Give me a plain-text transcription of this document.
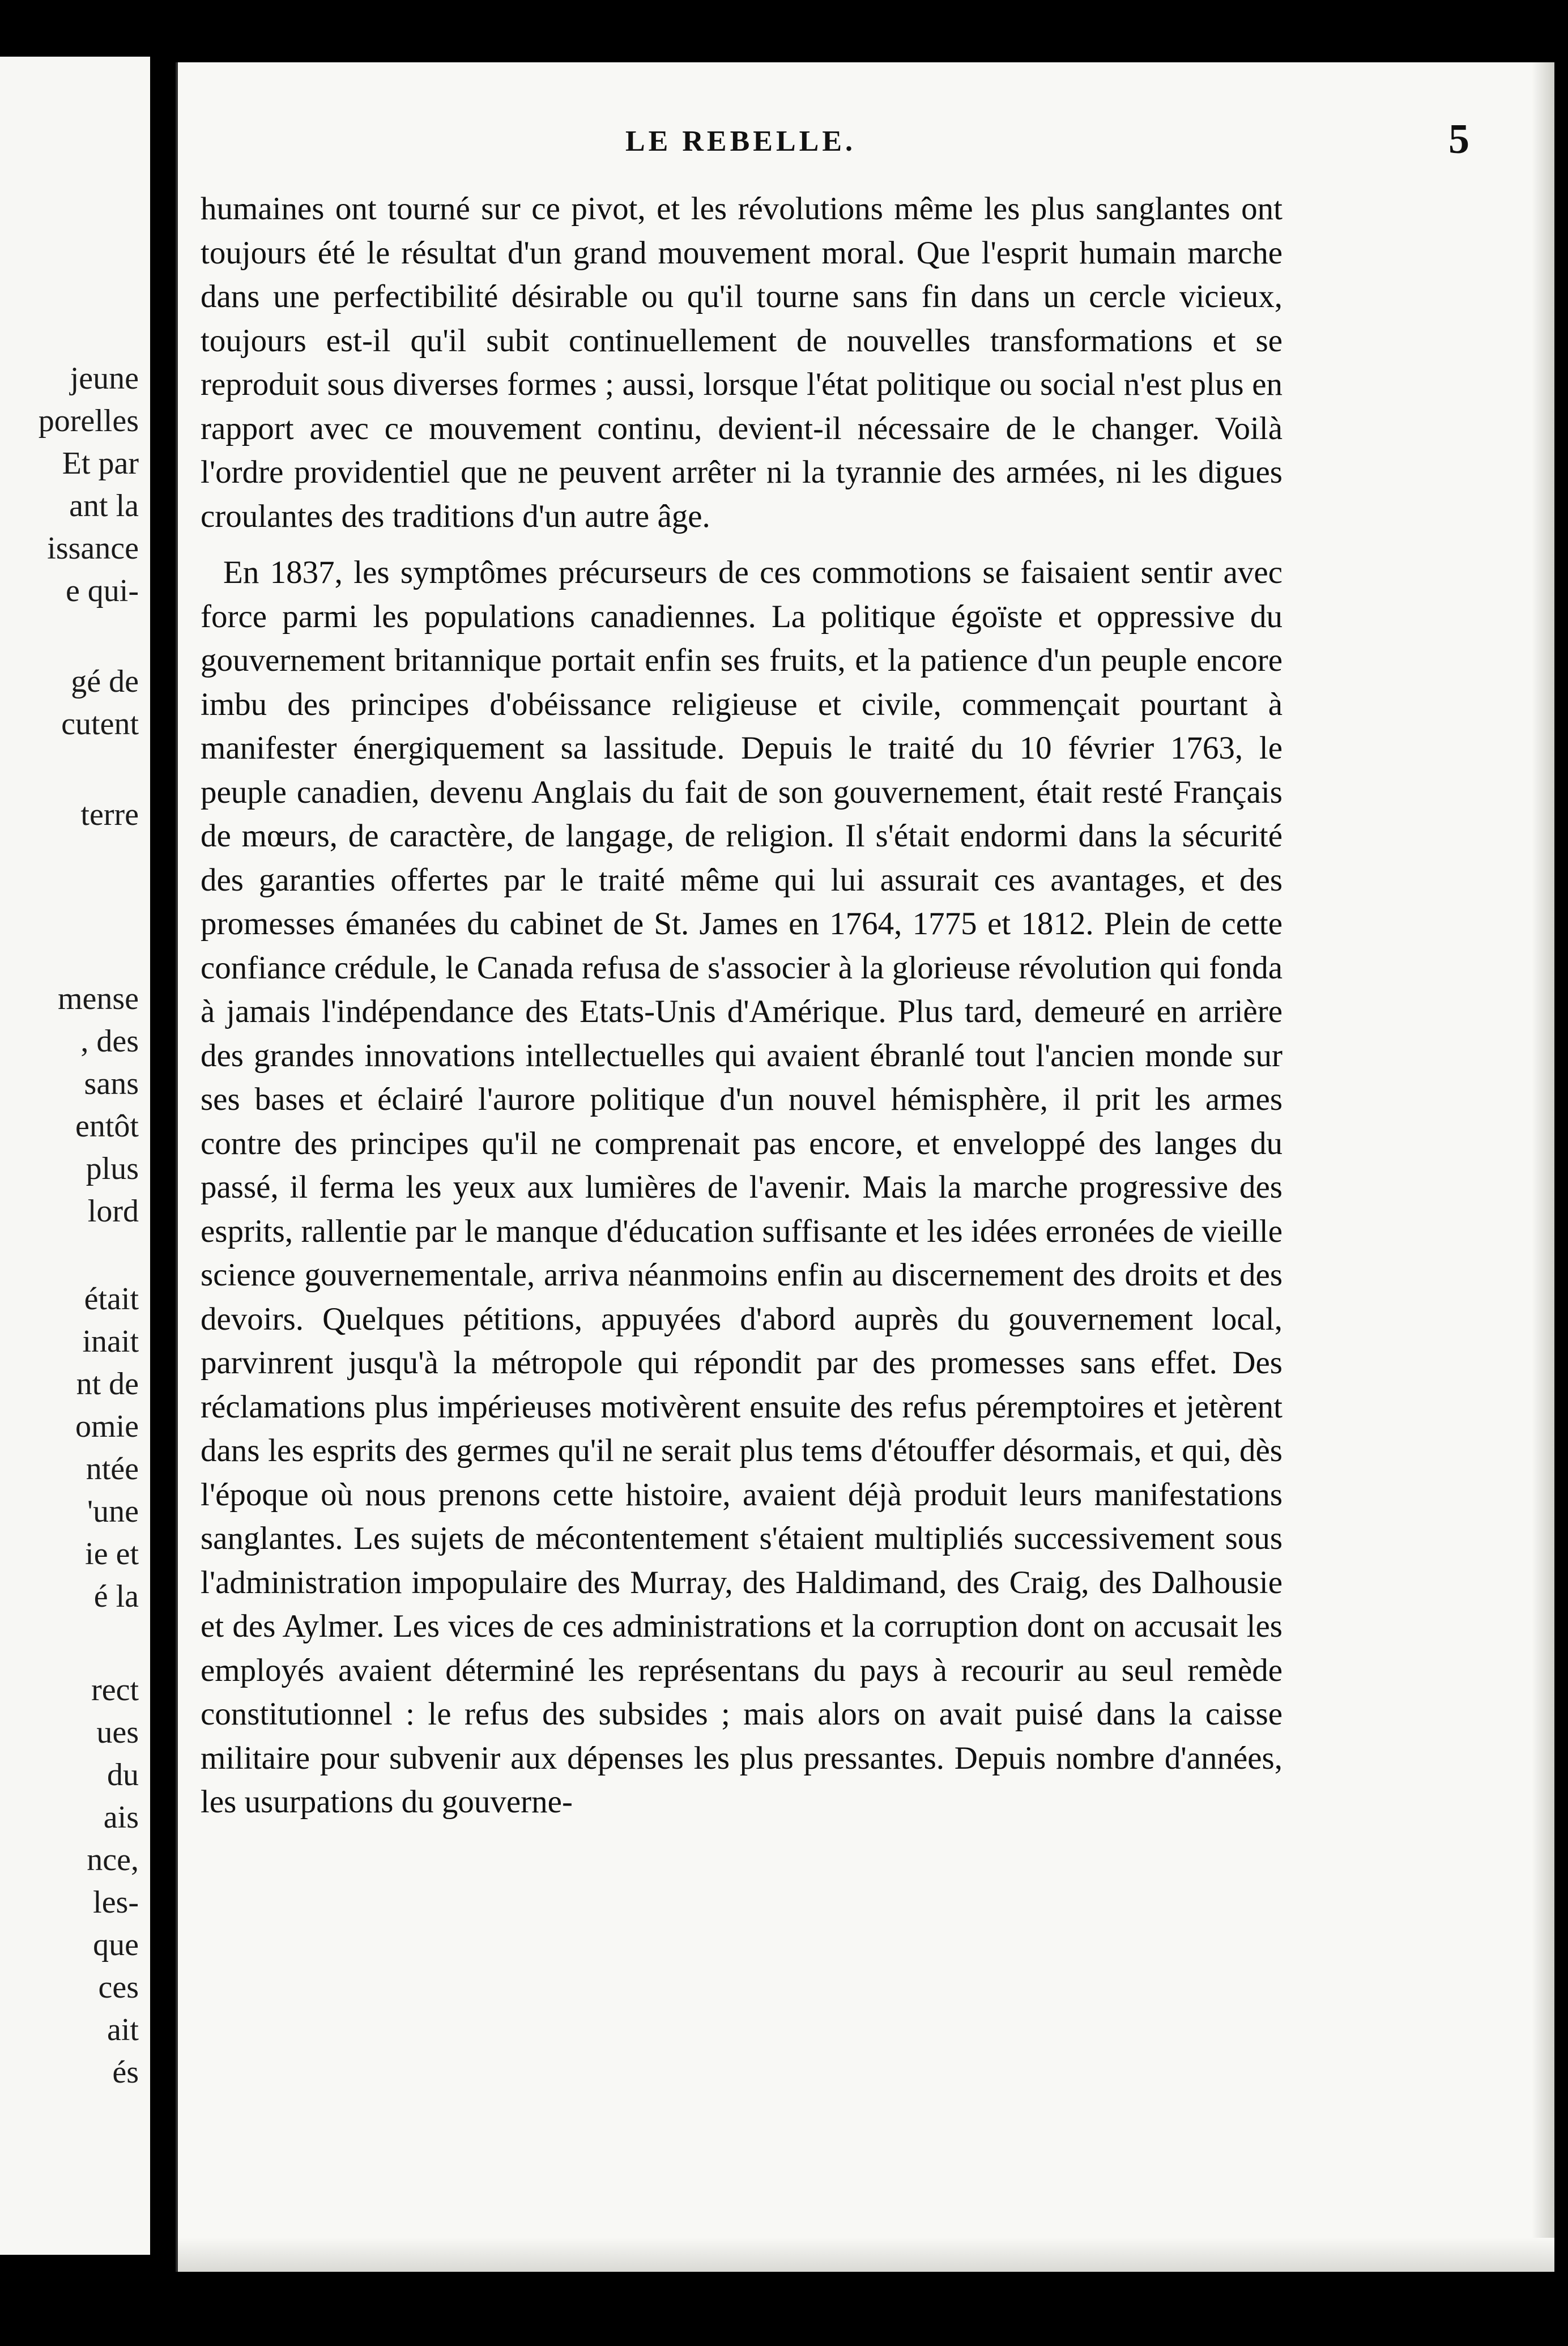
jeune
porelles
Et par
ant la
issance
e qui-
gé de
cutent
terre
mense
, des
sans
entôt
plus
lord
était
inait
nt de
omie
ntée
'une
ie et
é la
rect
ues
du
ais
nce,
les-
que
ces
ait
és
LE REBELLE.	5

humaines ont tourné sur ce pivot, et les révolutions même les plus sanglantes ont toujours été le résultat d'un grand mouvement moral. Que l'esprit humain marche dans une perfectibilité désirable ou qu'il tourne sans fin dans un cercle vicieux, toujours est-il qu'il subit continuellement de nouvelles transformations et se reproduit sous diverses formes ; aussi, lorsque l'état politique ou social n'est plus en rapport avec ce mouvement continu, devient-il nécessaire de le changer. Voilà l'ordre providentiel que ne peuvent arrêter ni la tyrannie des armées, ni les digues croulantes des traditions d'un autre âge.

En 1837, les symptômes précurseurs de ces commotions se faisaient sentir avec force parmi les populations canadiennes. La politique égoïste et oppressive du gouvernement britannique portait enfin ses fruits, et la patience d'un peuple encore imbu des principes d'obéissance religieuse et civile, commençait pourtant à manifester énergiquement sa lassitude. Depuis le traité du 10 février 1763, le peuple canadien, devenu Anglais du fait de son gouvernement, était resté Français de mœurs, de caractère, de langage, de religion. Il s'était endormi dans la sécurité des garanties offertes par le traité même qui lui assurait ces avantages, et des promesses émanées du cabinet de St. James en 1764, 1775 et 1812. Plein de cette confiance crédule, le Canada refusa de s'associer à la glorieuse révolution qui fonda à jamais l'indépendance des Etats-Unis d'Amérique. Plus tard, demeuré en arrière des grandes innovations intellectuelles qui avaient ébranlé tout l'ancien monde sur ses bases et éclairé l'aurore politique d'un nouvel hémisphère, il prit les armes contre des principes qu'il ne comprenait pas encore, et enveloppé des langes du passé, il ferma les yeux aux lumières de l'avenir. Mais la marche progressive des esprits, rallentie par le manque d'éducation suffisante et les idées erronées de vieille science gouvernementale, arriva néanmoins enfin au discernement des droits et des devoirs. Quelques pétitions, appuyées d'abord auprès du gouvernement local, parvinrent jusqu'à la métropole qui répondit par des promesses sans effet. Des réclamations plus impérieuses motivèrent ensuite des refus péremptoires et jetèrent dans les esprits des germes qu'il ne serait plus tems d'étouffer désormais, et qui, dès l'époque où nous prenons cette histoire, avaient déjà produit leurs manifestations sanglantes. Les sujets de mécontentement s'étaient multipliés successivement sous l'administration impopulaire des Murray, des Haldimand, des Craig, des Dalhousie et des Aylmer. Les vices de ces administrations et la corruption dont on accusait les employés avaient déterminé les représentans du pays à recourir au seul remède constitutionnel : le refus des subsides ; mais alors on avait puisé dans la caisse militaire pour subvenir aux dépenses les plus pressantes. Depuis nombre d'années, les usurpations du gouverne-
